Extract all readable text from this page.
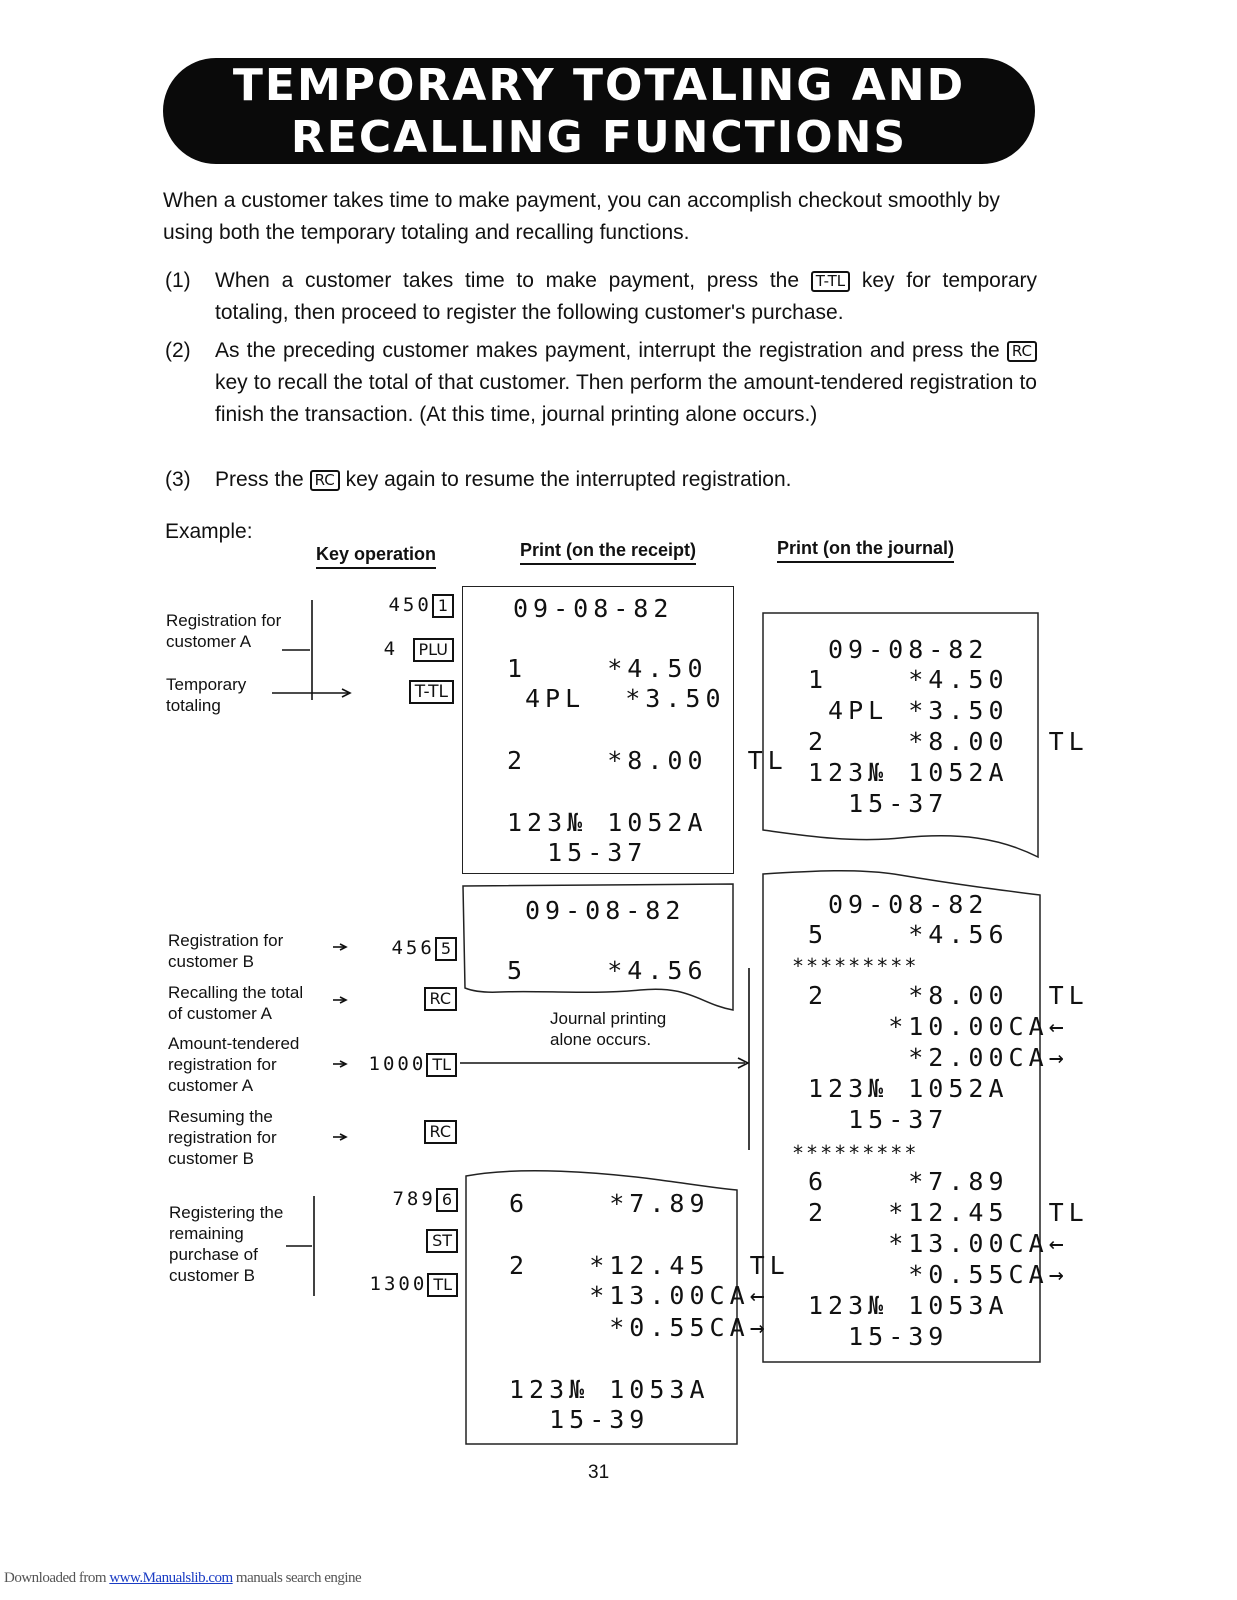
TEMPORARY TOTALING AND
RECALLING FUNCTIONS
When a customer takes time to make payment, you can accomplish checkout smoothly by using both the temporary totaling and recalling functions.
(1)	When a customer takes time to make payment, press the T-TL key for temporary totaling, then proceed to register the following customer's purchase.
(2)	As the preceding customer makes payment, interrupt the registration and press the RC key to recall the total of that customer. Then perform the amount-tendered registration to finish the transaction. (At this time, journal printing alone occurs.)
(3)	Press the RC key again to resume the interrupted registration.
Example:
Key operation	Print (on the receipt)	Print (on the journal)
Registration for
customer A
Temporary
totaling
Registration for
customer B
Recalling the total
of customer A
Amount-tendered
registration for
customer A
Resuming the
registration for
customer B
Registering the
remaining
purchase of
customer B
450 1
4 PLU
T-TL
456 5
RC
1000 TL
RC
789 6
ST
1300 TL
09-08-82
1    *4.50
4PL  *3.50
2    *8.00  TL
123№ 1052A
15-37
09-08-82
5    *4.56
Journal printing
alone occurs.
6    *7.89
2   *12.45  TL
*13.00CA←
*0.55CA→
123№ 1053A
15-39
09-08-82
1    *4.50
4PL *3.50
2    *8.00  TL
123№ 1052A
15-37
09-08-82
5    *4.56
*********
2    *8.00  TL
*10.00CA←
*2.00CA→
123№ 1052A
15-37
*********
6    *7.89
2   *12.45  TL
*13.00CA←
*0.55CA→
123№ 1053A
15-39
31
Downloaded from www.Manualslib.com manuals search engine
